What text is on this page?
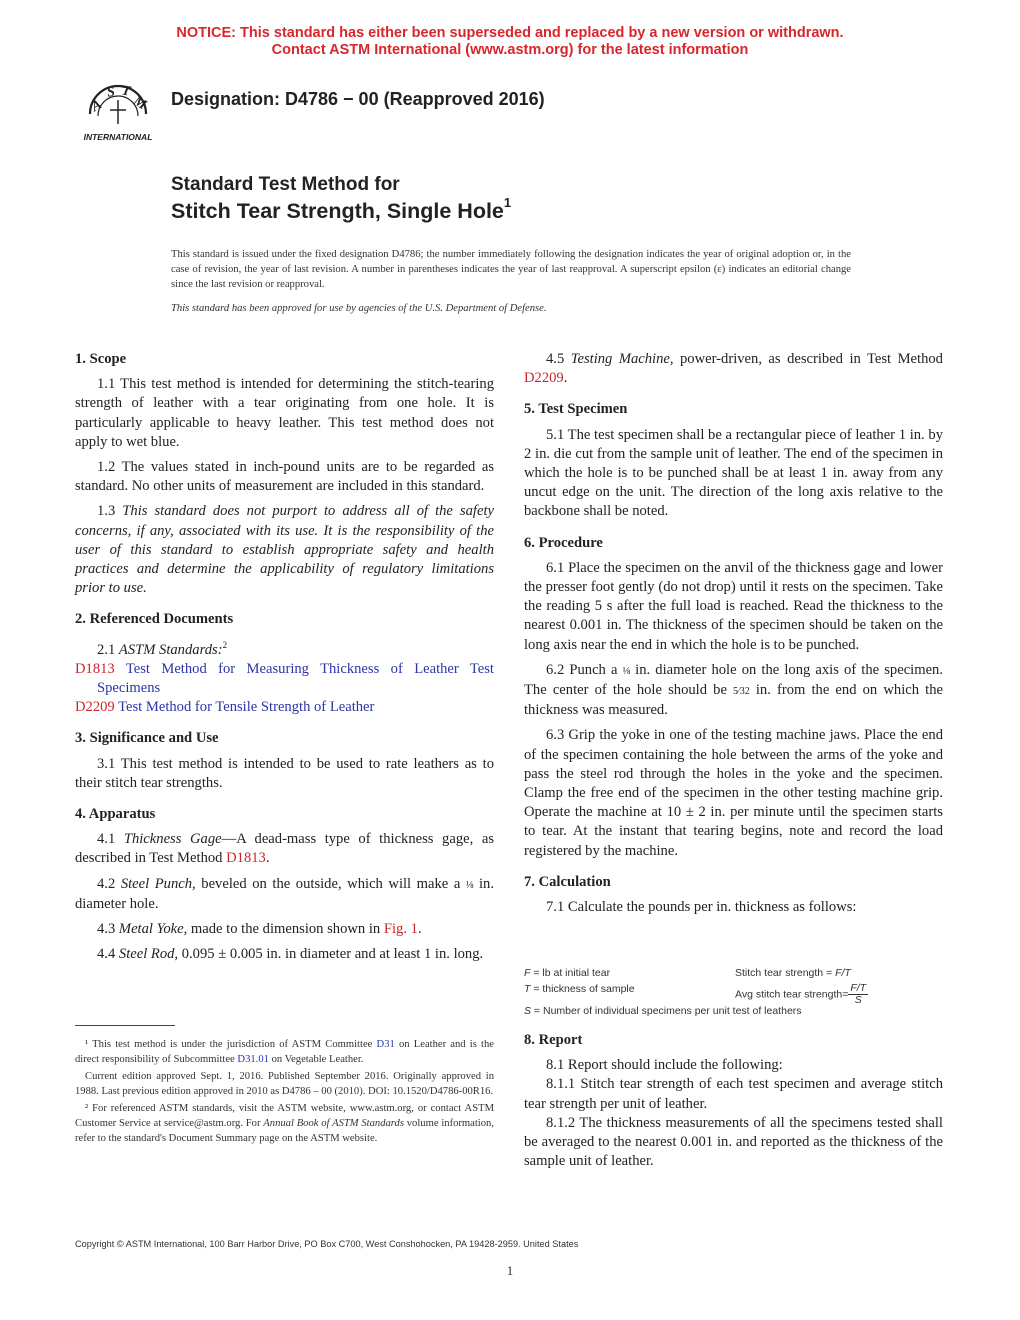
NOTICE: This standard has either been superseded and replaced by a new version or withdrawn.
Contact ASTM International (www.astm.org) for the latest information
A
S T
M
INTERNATIONAL
Designation: D4786 − 00 (Reapproved 2016)
Standard Test Method for
Stitch Tear Strength, Single Hole$^1$

This standard is issued under the fixed designation D4786; the number immediately following the designation indicates the year of original adoption or, in the case of revision, the year of last revision. A number in parentheses indicates the year of last reapproval. A superscript epsilon (ε) indicates an editorial change since the last revision or reapproval.

This standard has been approved for use by agencies of the U.S. Department of Defense.

1. Scope

1.1 This test method is intended for determining the stitch-tearing strength of leather with a tear originating from one hole. It is particularly applicable to heavy leather. This test method does not apply to wet blue.

1.2 The values stated in inch-pound units are to be regarded as standard. No other units of measurement are included in this standard.

1.3 This standard does not purport to address all of the safety concerns, if any, associated with its use. It is the responsibility of the user of this standard to establish appropriate safety and health practices and determine the applicability of regulatory limitations prior to use.

2. Referenced Documents

2.1 ASTM Standards:$^2$

D1813 Test Method for Measuring Thickness of Leather Test Specimens
D2209 Test Method for Tensile Strength of Leather
3. Significance and Use

3.1 This test method is intended to be used to rate leathers as to their stitch tear strengths.

4. Apparatus

4.1 Thickness Gage—A dead-mass type of thickness gage, as described in Test Method D1813.

4.2 Steel Punch, beveled on the outside, which will make a ⅛ in. diameter hole.

4.3 Metal Yoke, made to the dimension shown in Fig. 1.

4.4 Steel Rod, 0.095 ± 0.005 in. in diameter and at least 1 in. long.

¹ This test method is under the jurisdiction of ASTM Committee D31 on Leather and is the direct responsibility of Subcommittee D31.01 on Vegetable Leather.

Current edition approved Sept. 1, 2016. Published September 2016. Originally approved in 1988. Last previous edition approved in 2010 as D4786 – 00 (2010). DOI: 10.1520/D4786-00R16.

² For referenced ASTM standards, visit the ASTM website, www.astm.org, or contact ASTM Customer Service at service@astm.org. For Annual Book of ASTM Standards volume information, refer to the standard's Document Summary page on the ASTM website.

4.5 Testing Machine, power-driven, as described in Test Method D2209.

5. Test Specimen

5.1 The test specimen shall be a rectangular piece of leather 1 in. by 2 in. die cut from the sample unit of leather. The end of the specimen in which the hole is to be punched shall be at least 1 in. away from any uncut edge on the unit. The direction of the long axis relative to the backbone shall be noted.

6. Procedure

6.1 Place the specimen on the anvil of the thickness gage and lower the presser foot gently (do not drop) until it rests on the specimen. Take the reading 5 s after the full load is reached. Read the thickness to the nearest 0.001 in. The thickness of the specimen should be taken on the long axis near the end in which the hole is to be punched.

6.2 Punch a ⅛ in. diameter hole on the long axis of the specimen. The center of the hole should be 5⁄32 in. from the end on which the thickness was measured.

6.3 Grip the yoke in one of the testing machine jaws. Place the end of the specimen containing the hole between the arms of the yoke and pass the steel rod through the holes in the yoke and the specimen. Clamp the free end of the specimen in the other testing machine grip. Operate the machine at 10 ± 2 in. per minute until the specimen starts to tear. At the instant that tearing begins, note and record the load registered by the machine.

7. Calculation

7.1 Calculate the pounds per in. thickness as follows:

F = lb at initial tear
T = thickness of sample
S = Number of individual specimens per unit test of leathers
Stitch tear strength = F/T
Avg stitch tear strength= $\frac{F/T}{S}$
8. Report

8.1 Report should include the following:

8.1.1 Stitch tear strength of each test specimen and average stitch tear strength per unit of leather.

8.1.2 The thickness measurements of all the specimens tested shall be averaged to the nearest 0.001 in. and reported as the thickness of the sample unit of leather.

Copyright © ASTM International, 100 Barr Harbor Drive, PO Box C700, West Conshohocken, PA 19428-2959. United States
1
